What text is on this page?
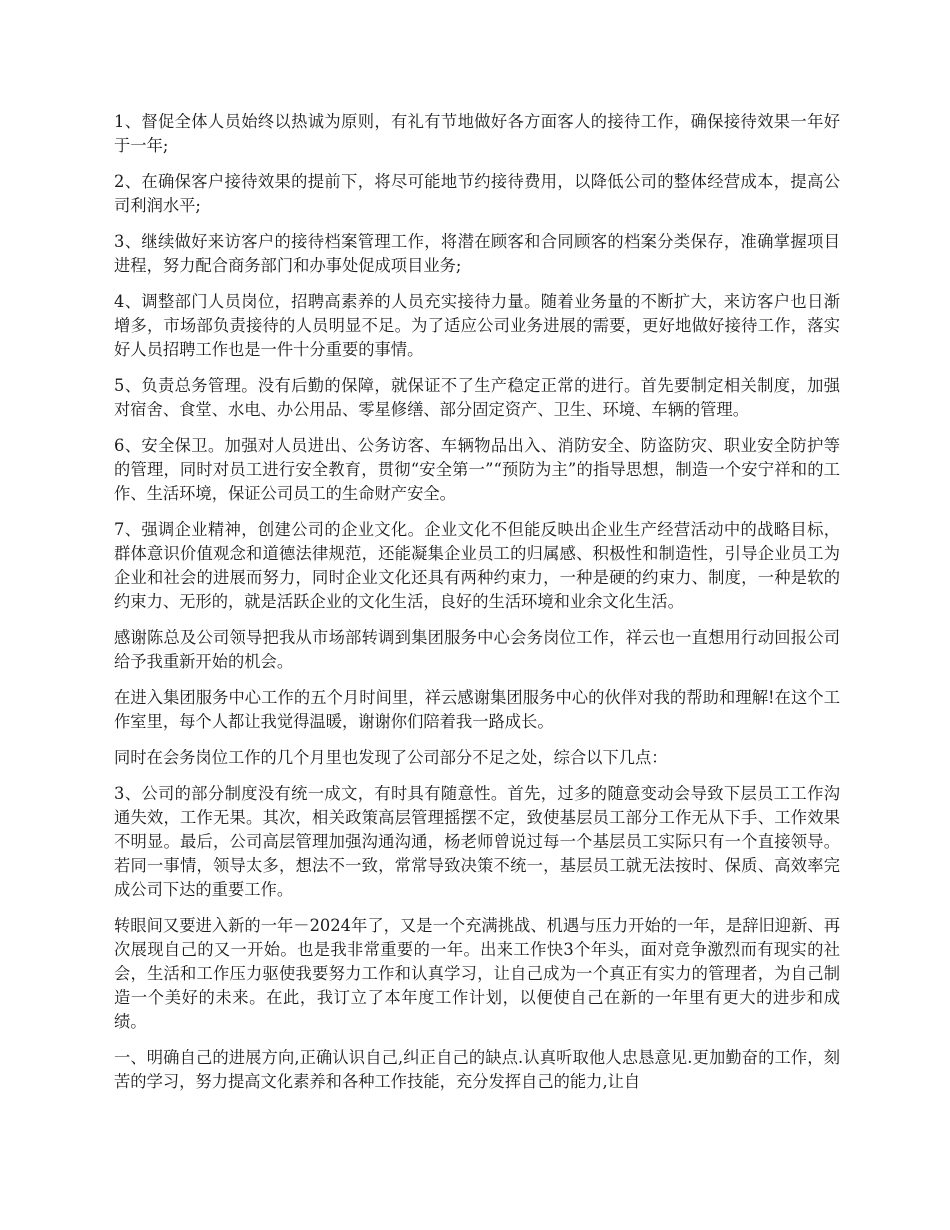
1、督促全体人员始终以热诚为原则，有礼有节地做好各方面客人的接待工作，确保接待效果一年好于一年;

2、在确保客户接待效果的提前下，将尽可能地节约接待费用，以降低公司的整体经营成本，提高公司利润水平;

3、继续做好来访客户的接待档案管理工作，将潜在顾客和合同顾客的档案分类保存，准确掌握项目进程，努力配合商务部门和办事处促成项目业务;

4、调整部门人员岗位，招聘高素养的人员充实接待力量。随着业务量的不断扩大，来访客户也日渐增多，市场部负责接待的人员明显不足。为了适应公司业务进展的需要，更好地做好接待工作，落实好人员招聘工作也是一件十分重要的事情。

5、负责总务管理。没有后勤的保障，就保证不了生产稳定正常的进行。首先要制定相关制度，加强对宿舍、食堂、水电、办公用品、零星修缮、部分固定资产、卫生、环境、车辆的管理。

6、安全保卫。加强对人员进出、公务访客、车辆物品出入、消防安全、防盗防灾、职业安全防护等的管理，同时对员工进行安全教育，贯彻“安全第一”“预防为主”的指导思想，制造一个安宁祥和的工作、生活环境，保证公司员工的生命财产安全。

7、强调企业精神，创建公司的企业文化。企业文化不但能反映出企业生产经营活动中的战略目标，群体意识价值观念和道德法律规范，还能凝集企业员工的归属感、积极性和制造性，引导企业员工为企业和社会的进展而努力，同时企业文化还具有两种约束力，一种是硬的约束力、制度，一种是软的约束力、无形的，就是活跃企业的文化生活，良好的生活环境和业余文化生活。

感谢陈总及公司领导把我从市场部转调到集团服务中心会务岗位工作，祥云也一直想用行动回报公司给予我重新开始的机会。

在进入集团服务中心工作的五个月时间里，祥云感谢集团服务中心的伙伴对我的帮助和理解!在这个工作室里，每个人都让我觉得温暖，谢谢你们陪着我一路成长。

同时在会务岗位工作的几个月里也发现了公司部分不足之处，综合以下几点：

3、公司的部分制度没有统一成文，有时具有随意性。首先，过多的随意变动会导致下层员工工作沟通失效，工作无果。其次，相关政策高层管理摇摆不定，致使基层员工部分工作无从下手、工作效果不明显。最后，公司高层管理加强沟通沟通，杨老师曾说过每一个基层员工实际只有一个直接领导。若同一事情，领导太多，想法不一致，常常导致决策不统一，基层员工就无法按时、保质、高效率完成公司下达的重要工作。

转眼间又要进入新的一年－2024年了，又是一个充满挑战、机遇与压力开始的一年，是辞旧迎新、再次展现自己的又一开始。也是我非常重要的一年。出来工作快3个年头，面对竞争激烈而有现实的社会，生活和工作压力驱使我要努力工作和认真学习，让自己成为一个真正有实力的管理者，为自己制造一个美好的未来。在此，我订立了本年度工作计划，以便使自己在新的一年里有更大的进步和成绩。

一、明确自己的进展方向,正确认识自己,纠正自己的缺点.认真听取他人忠恳意见.更加勤奋的工作，刻苦的学习，努力提高文化素养和各种工作技能，充分发挥自己的能力,让自
